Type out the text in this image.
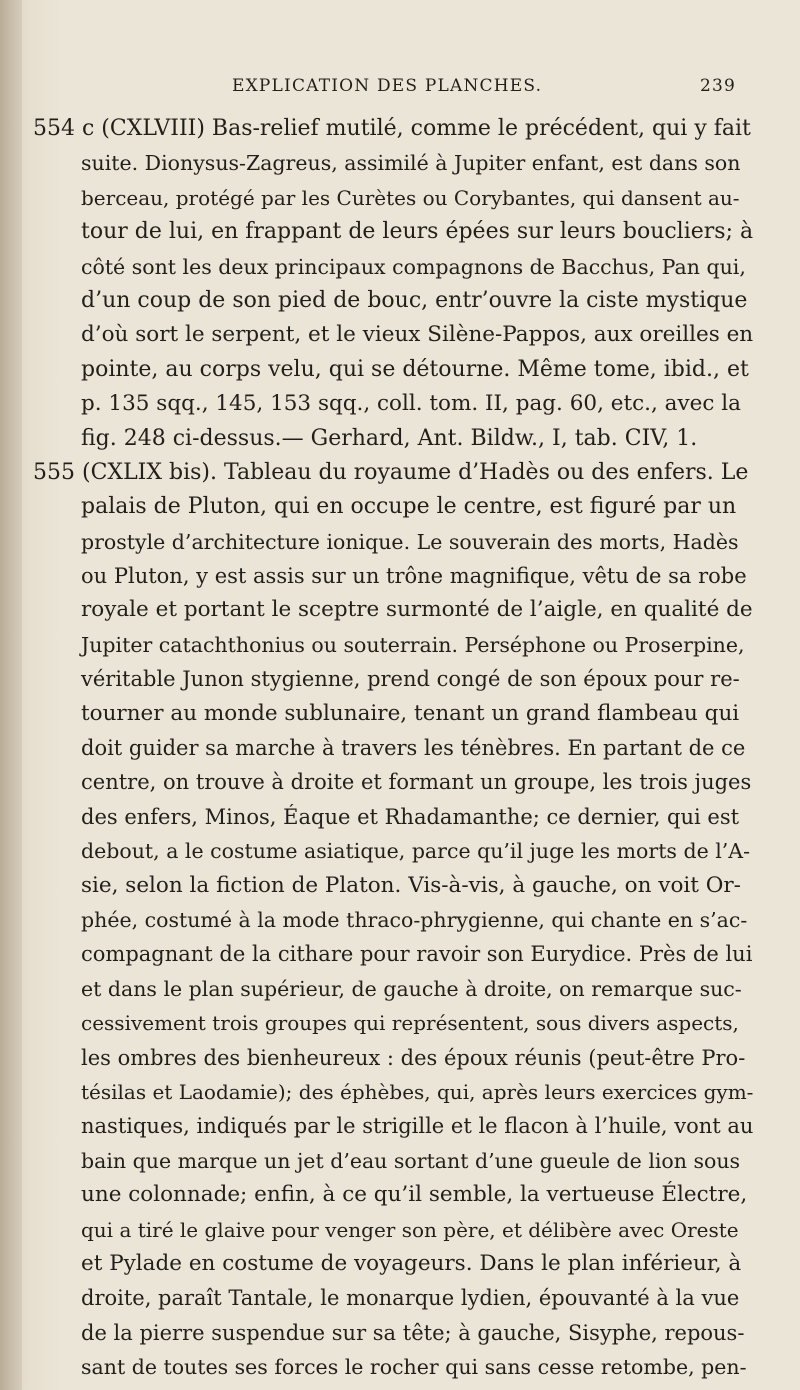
EXPLICATION DES PLANCHES.	239
554 c (CXLVIII) Bas-relief mutilé, comme le précédent, qui y fait
suite. Dionysus-Zagreus, assimilé à Jupiter enfant, est dans son
berceau, protégé par les Curètes ou Corybantes, qui dansent au-
tour de lui, en frappant de leurs épées sur leurs boucliers; à
côté sont les deux principaux compagnons de Bacchus, Pan qui,
d’un coup de son pied de bouc, entr’ouvre la ciste mystique
d’où sort le serpent, et le vieux Silène-Pappos, aux oreilles en
pointe, au corps velu, qui se détourne. Même tome, ibid., et
p. 135 sqq., 145, 153 sqq., coll. tom. II, pag. 60, etc., avec la
fig. 248 ci-dessus.— Gerhard, Ant. Bildw., I, tab. CIV, 1.
555 (CXLIX bis). Tableau du royaume d’Hadès ou des enfers. Le
palais de Pluton, qui en occupe le centre, est figuré par un
prostyle d’architecture ionique. Le souverain des morts, Hadès
ou Pluton, y est assis sur un trône magnifique, vêtu de sa robe
royale et portant le sceptre surmonté de l’aigle, en qualité de
Jupiter catachthonius ou souterrain. Perséphone ou Proserpine,
véritable Junon stygienne, prend congé de son époux pour re-
tourner au monde sublunaire, tenant un grand flambeau qui
doit guider sa marche à travers les ténèbres. En partant de ce
centre, on trouve à droite et formant un groupe, les trois juges
des enfers, Minos, Éaque et Rhadamanthe; ce dernier, qui est
debout, a le costume asiatique, parce qu’il juge les morts de l’A-
sie, selon la fiction de Platon. Vis-à-vis, à gauche, on voit Or-
phée, costumé à la mode thraco-phrygienne, qui chante en s’ac-
compagnant de la cithare pour ravoir son Eurydice. Près de lui
et dans le plan supérieur, de gauche à droite, on remarque suc-
cessivement trois groupes qui représentent, sous divers aspects,
les ombres des bienheureux : des époux réunis (peut-être Pro-
tésilas et Laodamie); des éphèbes, qui, après leurs exercices gym-
nastiques, indiqués par le strigille et le flacon à l’huile, vont au
bain que marque un jet d’eau sortant d’une gueule de lion sous
une colonnade; enfin, à ce qu’il semble, la vertueuse Électre,
qui a tiré le glaive pour venger son père, et délibère avec Oreste
et Pylade en costume de voyageurs. Dans le plan inférieur, à
droite, paraît Tantale, le monarque lydien, épouvanté à la vue
de la pierre suspendue sur sa tête; à gauche, Sisyphe, repous-
sant de toutes ses forces le rocher qui sans cesse retombe, pen-
